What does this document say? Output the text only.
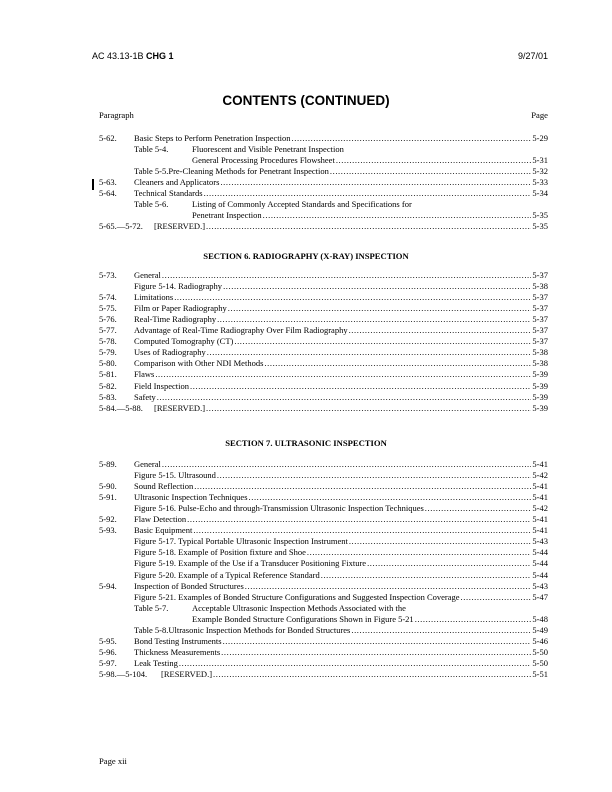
AC 43.13-1B CHG 1	9/27/01
CONTENTS (CONTINUED)
Paragraph	Page
5-62. Basic Steps to Perform Penetration Inspection .....	5-29
Table 5-4.	Fluorescent and Visible Penetrant Inspection
General Processing Procedures Flowsheet .....	5-31
Table 5-5. Pre-Cleaning Methods for Penetrant Inspection .....	5-32
5-63. Cleaners and Applicators .....	5-33
5-64. Technical Standards .....	5-34
Table 5-6.	Listing of Commonly Accepted Standards and Specifications for
Penetrant Inspection .....	5-35
5-65.—5-72. [RESERVED.] .....	5-35
5-73. General .....	5-37
Figure 5-14. Radiography .....	5-38
5-74. Limitations .....	5-37
5-75. Film or Paper Radiography .....	5-37
5-76. Real-Time Radiography .....	5-37
5-77. Advantage of Real-Time Radiography Over Film Radiography .....	5-37
5-78. Computed Tomography (CT) .....	5-37
5-79. Uses of Radiography .....	5-38
5-80. Comparison with Other NDI Methods .....	5-38
5-81. Flaws .....	5-39
5-82. Field Inspection .....	5-39
5-83. Safety .....	5-39
5-84.—5-88. [RESERVED.] .....	5-39
5-89. General .....	5-41
Figure 5-15. Ultrasound .....	5-42
5-90. Sound Reflection .....	5-41
5-91. Ultrasonic Inspection Techniques .....	5-41
Figure 5-16. Pulse-Echo and through-Transmission Ultrasonic Inspection Techniques .....	5-42
5-92. Flaw Detection .....	5-41
5-93. Basic Equipment .....	5-41
Figure 5-17. Typical Portable Ultrasonic Inspection Instrument .....	5-43
Figure 5-18. Example of Position fixture and Shoe .....	5-44
Figure 5-19. Example of the Use if a Transducer Positioning Fixture .....	5-44
Figure 5-20. Example of a Typical Reference Standard .....	5-44
5-94. Inspection of Bonded Structures .....	5-43
Figure 5-21. Examples of Bonded Structure Configurations and Suggested Inspection Coverage .....	5-47
Table 5-7.	Acceptable Ultrasonic Inspection Methods Associated with the
Example Bonded Structure Configurations Shown in Figure 5-21 .....	5-48
Table 5-8. Ultrasonic Inspection Methods for Bonded Structures .....	5-49
5-95. Bond Testing Instruments .....	5-46
5-96. Thickness Measurements .....	5-50
5-97. Leak Testing .....	5-50
5-98.—5-104. [RESERVED.] .....	5-51
SECTION 6. RADIOGRAPHY (X-RAY) INSPECTION
SECTION 7. ULTRASONIC INSPECTION
Page xii
